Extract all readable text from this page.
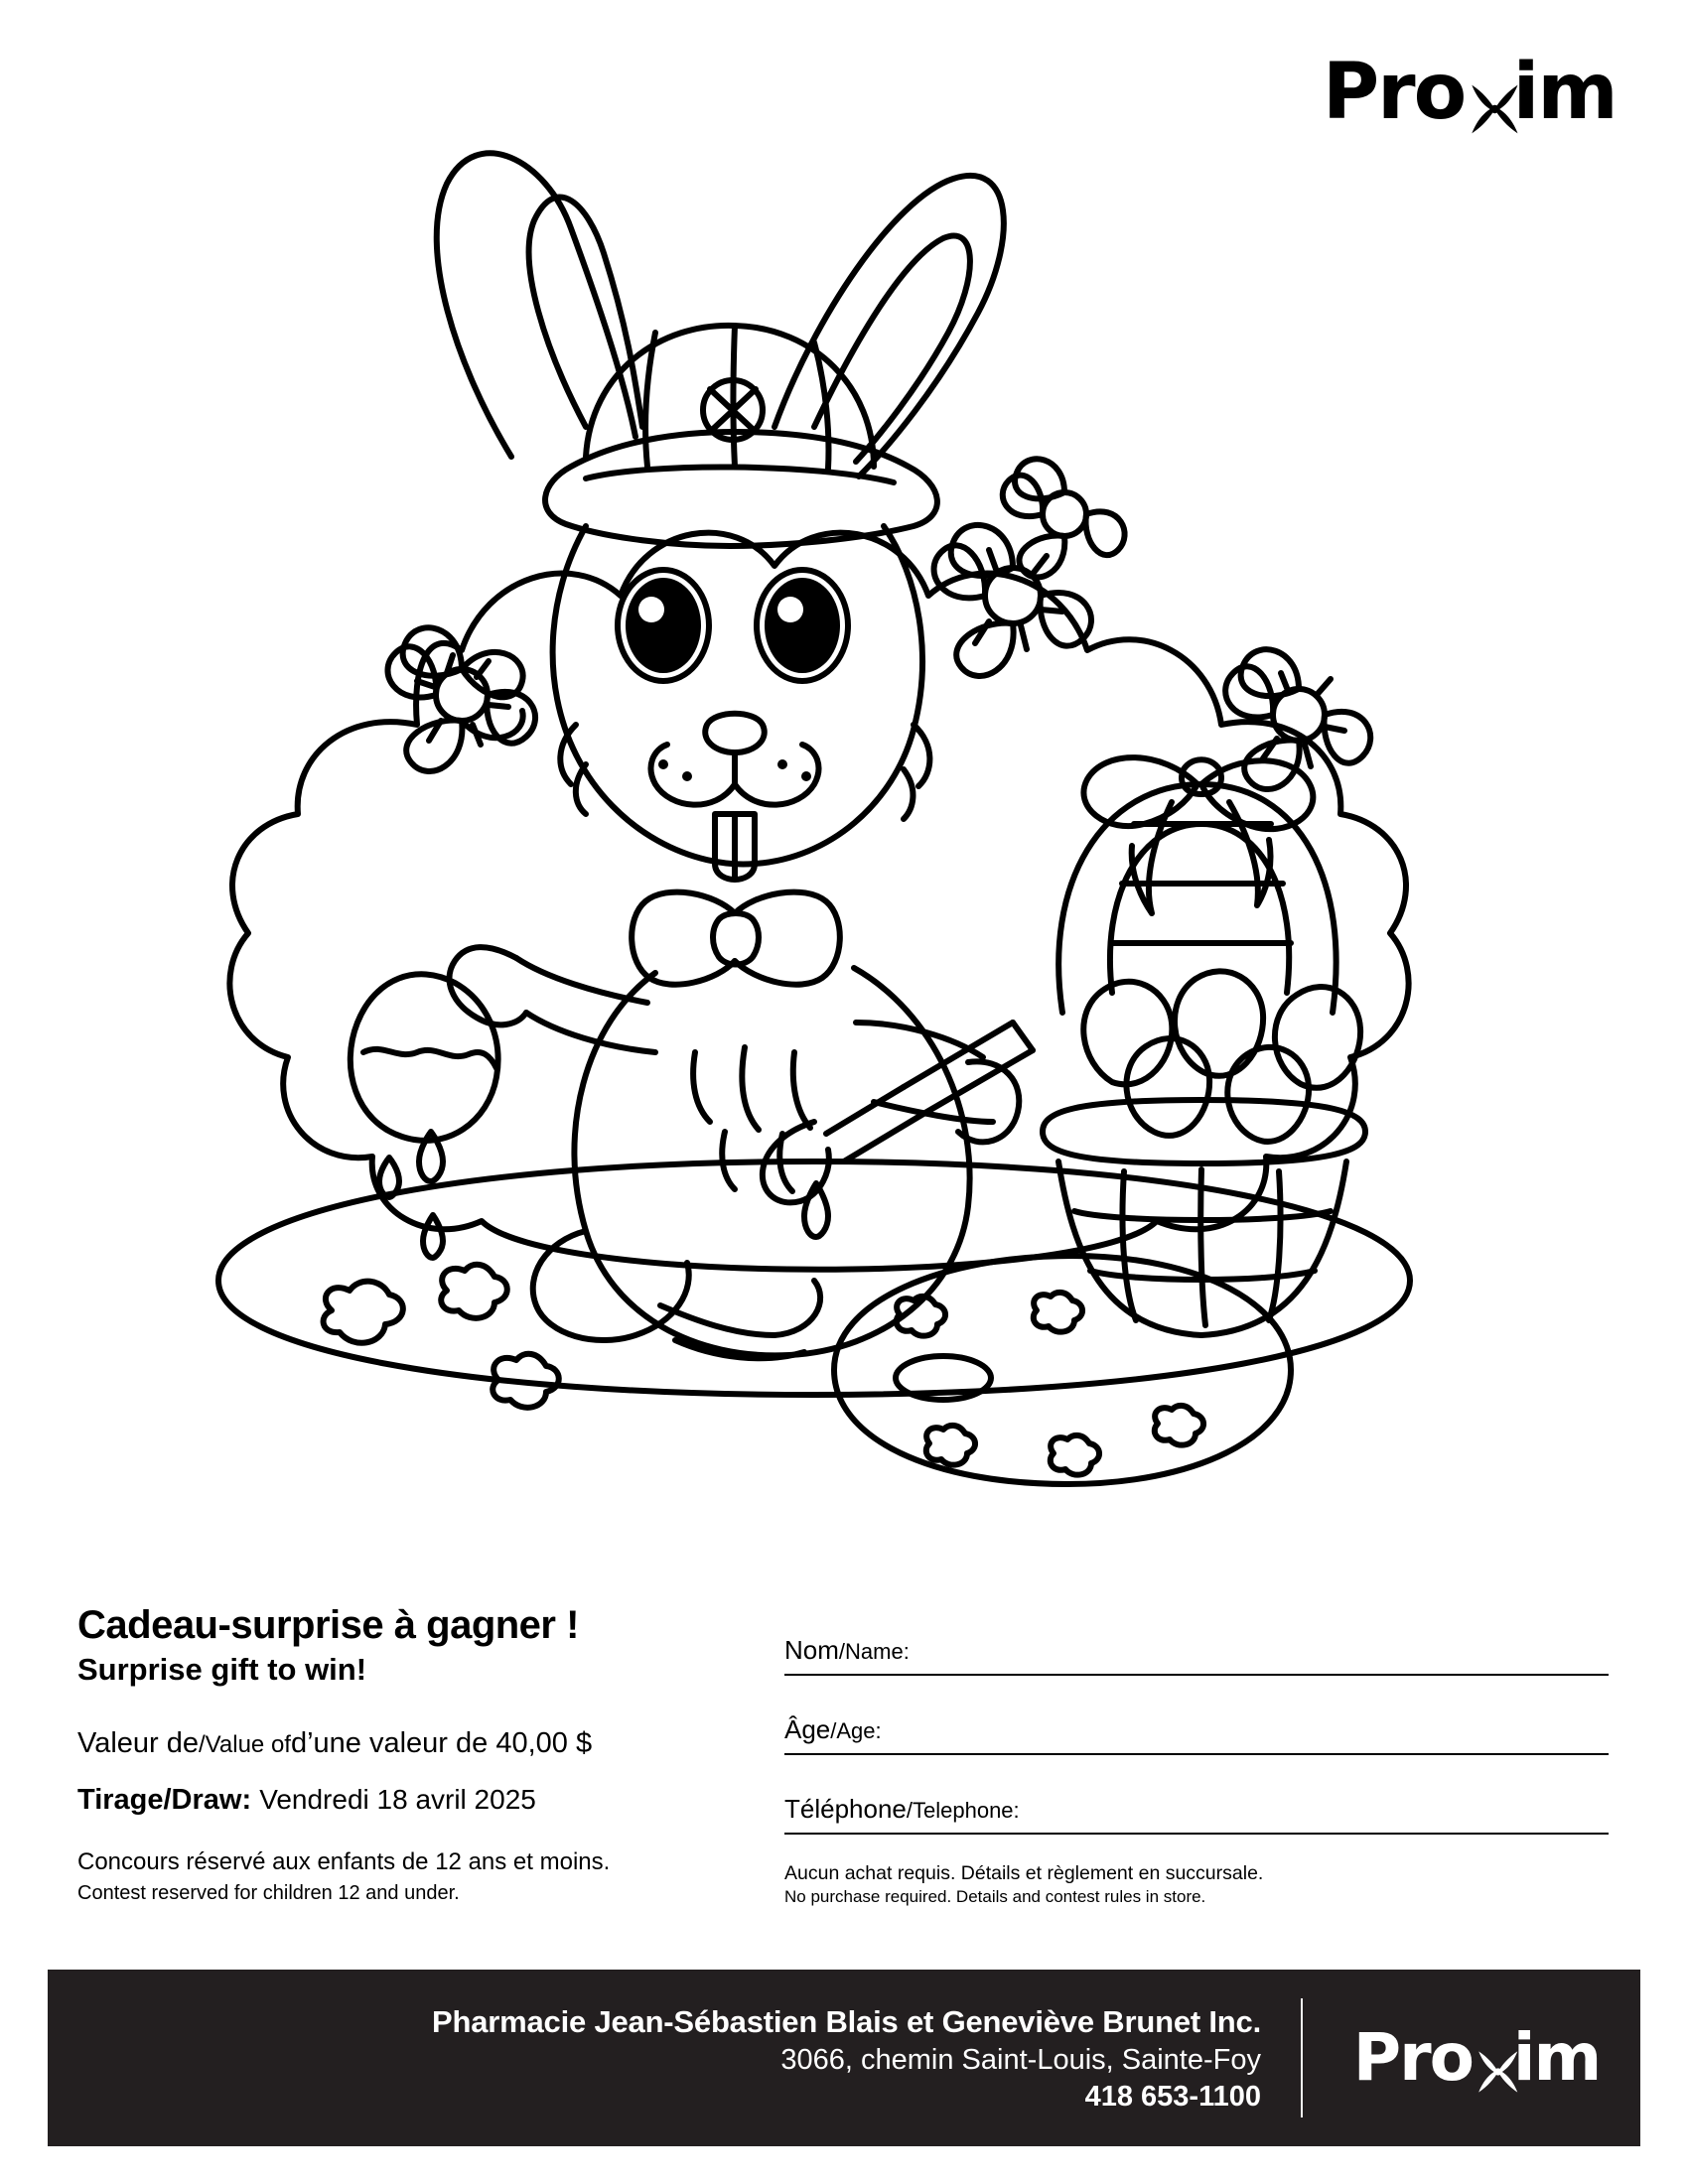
Pro im
Cadeau-surprise à gagner !
Surprise gift to win!
Valeur de/Value ofd’une valeur de 40,00 $
Tirage/Draw: Vendredi 18 avril 2025
Concours réservé aux enfants de 12 ans et moins.
Contest reserved for children 12 and under.
Nom/Name:
Âge/Age:
Téléphone/Telephone:
Aucun achat requis. Détails et règlement en succursale.
No purchase required. Details and contest rules in store.
Pharmacie Jean-Sébastien Blais et Geneviève Brunet Inc.
3066, chemin Saint-Louis, Sainte-Foy
418 653-1100
Pro im
